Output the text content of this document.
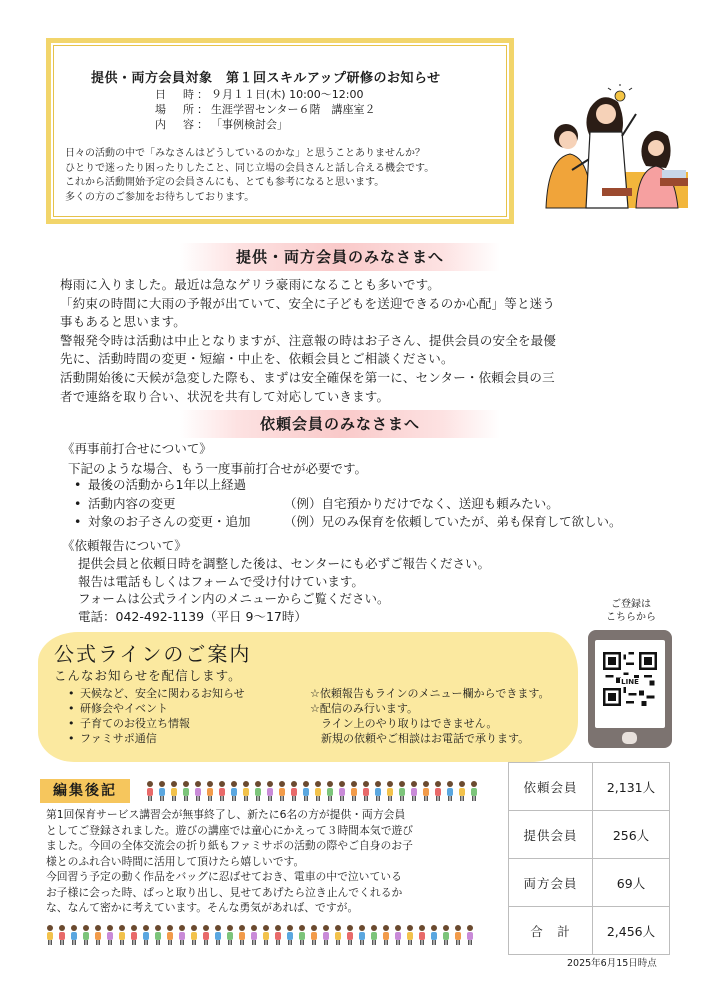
提供・両方会員対象　第１回スキルアップ研修のお知らせ
日　時：９月１１日(木) 10:00～12:00
場　所：生涯学習センター６階　講座室２
内　容：「事例検討会」
日々の活動の中で「みなさんはどうしているのかな」と思うことありませんか？
ひとりで迷ったり困ったりしたこと、同じ立場の会員さんと話し合える機会です。
これから活動開始予定の会員さんにも、とても参考になると思います。
多くの方のご参加をお待ちしております。
提供・両方会員のみなさまへ
梅雨に入りました。最近は急なゲリラ豪雨になることも多いです。
「約束の時間に大雨の予報が出ていて、安全に子どもを送迎できるのか心配」等と迷う
事もあると思います。
警報発令時は活動は中止となりますが、注意報の時はお子さん、提供会員の安全を最優
先に、活動時間の変更・短縮・中止を、依頼会員とご相談ください。
活動開始後に天候が急変した際も、まずは安全確保を第一に、センター・依頼会員の三
者で連絡を取り合い、状況を共有して対応していきます。
依頼会員のみなさまへ
《再事前打合せについて》
下記のような場合、もう一度事前打合せが必要です。
• 最後の活動から1年以上経過
• 活動内容の変更	（例）自宅預かりだけでなく、送迎も頼みたい。
• 対象のお子さんの変更・追加	（例）兄のみ保育を依頼していたが、弟も保育して欲しい。
《依頼報告について》
提供会員と依頼日時を調整した後は、センターにも必ずご報告ください。
報告は電話もしくはフォームで受け付けています。
フォームは公式ライン内のメニューからご覧ください。
電話：042-492-1139（平日 9～17時）
公式ラインのご案内
こんなお知らせを配信します。
• 天候など、安全に関わるお知らせ
• 研修会やイベント
• 子育てのお役立ち情報
• ファミサポ通信
☆依頼報告もラインのメニュー欄からできます。
☆配信のみ行います。
　ライン上のやり取りはできません。
　新規の依頼やご相談はお電話で承ります。
ご登録は
こちらから
LINE
編集後記
第1回保育サービス講習会が無事終了し、新たに6名の方が提供・両方会員
としてご登録されました。遊びの講座では童心にかえって３時間本気で遊び
ました。今回の全体交流会の折り紙もファミサポの活動の際やご自身のお子
様とのふれ合い時間に活用して頂けたら嬉しいです。
今回習う予定の動く作品をバッグに忍ばせておき、電車の中で泣いている
お子様に会った時、ぱっと取り出し、見せてあげたら泣き止んでくれるか
な、なんて密かに考えています。そんな勇気があれば、ですが。
依頼会員	2,131人
提供会員	256人
両方会員	69人
合　計	2,456人
2025年6月15日時点
